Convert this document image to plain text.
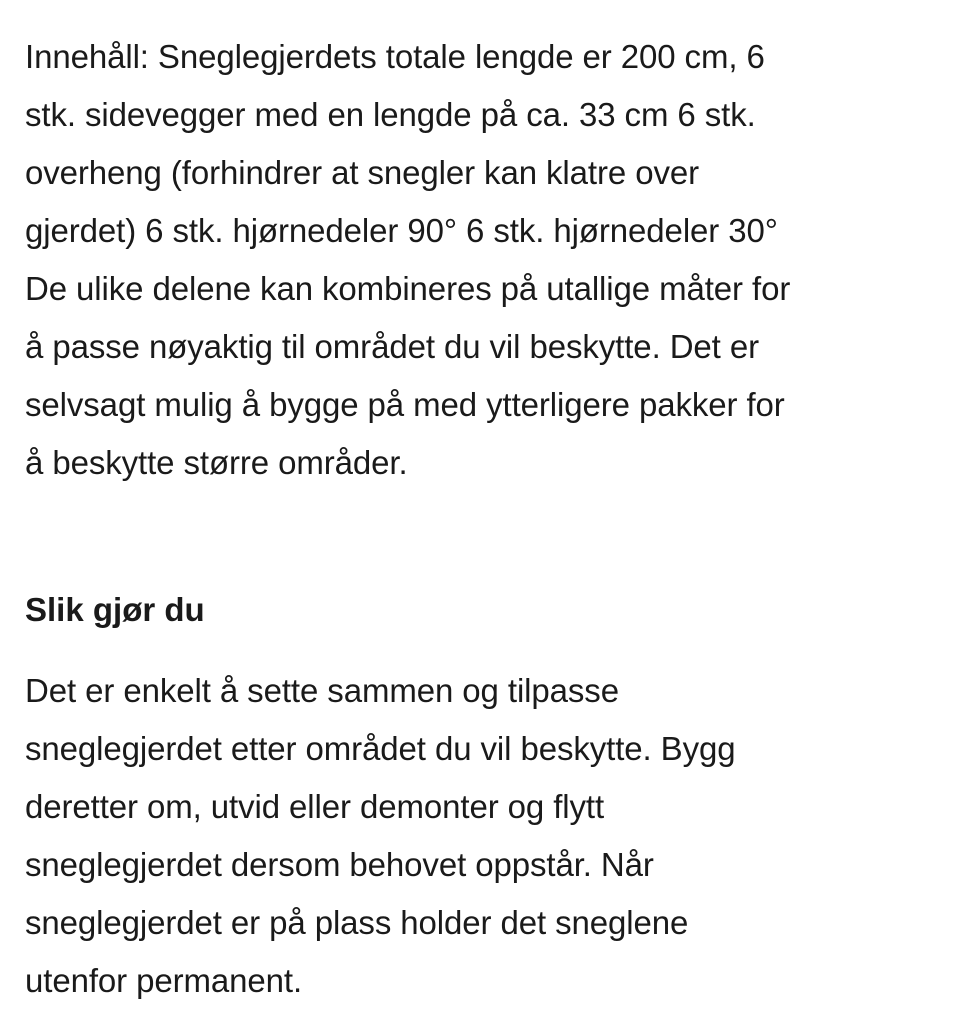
Innehåll: Sneglegjerdets totale lengde er 200 cm, 6
stk. sidevegger med en lengde på ca. 33 cm 6 stk.
overheng (forhindrer at snegler kan klatre over
gjerdet) 6 stk. hjørnedeler 90° 6 stk. hjørnedeler 30°
De ulike delene kan kombineres på utallige måter for
å passe nøyaktig til området du vil beskytte. Det er
selvsagt mulig å bygge på med ytterligere pakker for
å beskytte større områder.

Slik gjør du

Det er enkelt å sette sammen og tilpasse
sneglegjerdet etter området du vil beskytte. Bygg
deretter om, utvid eller demonter og flytt
sneglegjerdet dersom behovet oppstår. Når
sneglegjerdet er på plass holder det sneglene
utenfor permanent.
